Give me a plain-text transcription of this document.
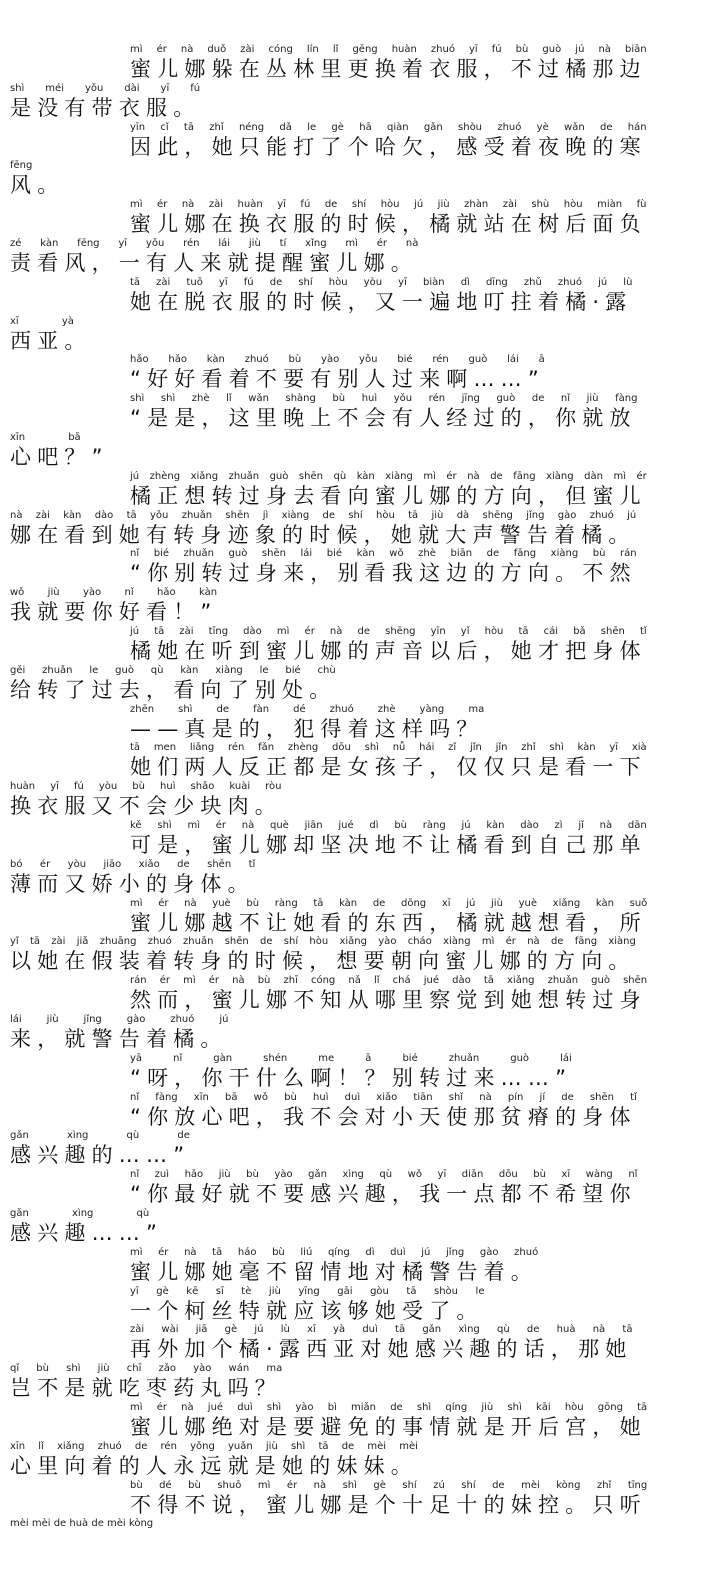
mì ér nà duǒ zài cóng lín lǐ gēng huàn zhuó yī fú bù guò jú nà biān
蜜儿娜躲在丛林里更换着衣服，不过橘那边
shì méi yǒu dài yī fú
是没有带衣服。
yīn cǐ tā zhǐ néng dǎ le gè hā qiàn gǎn shòu zhuó yè wǎn de hán
因此，她只能打了个哈欠，感受着夜晚的寒
fēng
风。
mì ér nà zài huàn yī fú de shí hòu jú jiù zhàn zài shù hòu miàn fù
蜜儿娜在换衣服的时候，橘就站在树后面负
zé kàn fēng yī yǒu rén lái jiù tí xǐng mì ér nà
责看风，一有人来就提醒蜜儿娜。
tā zài tuō yī fú de shí hòu yòu yī biàn dì dīng zhǔ zhuó jú lù
她在脱衣服的时候，又一遍地叮拄着橘·露
xī yà
西亚。
hǎo hǎo kàn zhuó bù yào yǒu bié rén guò lái ā
“好好看着不要有别人过来啊……”
shì shì zhè lǐ wǎn shàng bù huì yǒu rén jīng guò de nǐ jiù fàng
“是是，这里晚上不会有人经过的，你就放
xīn bā
心吧？”
jú zhèng xiǎng zhuǎn guò shēn qù kàn xiàng mì ér nà de fāng xiàng dàn mì ér
橘正想转过身去看向蜜儿娜的方向，但蜜儿
nà zài kàn dào tā yǒu zhuǎn shēn jì xiàng de shí hòu tā jiù dà shēng jǐng gào zhuó jú
娜在看到她有转身迹象的时候，她就大声警告着橘。
nǐ bié zhuǎn guò shēn lái bié kàn wǒ zhè biān de fāng xiàng bù rán
“你别转过身来，别看我这边的方向。不然
wǒ jiù yào nǐ hǎo kàn
我就要你好看！”
jú tā zài tīng dào mì ér nà de shēng yīn yǐ hòu tā cái bǎ shēn tǐ
橘她在听到蜜儿娜的声音以后，她才把身体
gěi zhuǎn le guò qù kàn xiàng le bié chù
给转了过去，看向了别处。
zhēn shì de fàn dé zhuó zhè yàng ma
——真是的，犯得着这样吗？
tā men liǎng rén fǎn zhèng dōu shì nǚ hái zǐ jǐn jǐn zhǐ shì kàn yī xià
她们两人反正都是女孩子，仅仅只是看一下
huàn yī fú yòu bù huì shǎo kuài ròu
换衣服又不会少块肉。
kě shì mì ér nà què jiān jué dì bù ràng jú kàn dào zì jǐ nà dān
可是，蜜儿娜却坚决地不让橘看到自己那单
bó ér yòu jiāo xiǎo de shēn tǐ
薄而又娇小的身体。
mì ér nà yuè bù ràng tā kàn de dōng xī jú jiù yuè xiǎng kàn suǒ
蜜儿娜越不让她看的东西，橘就越想看，所
yǐ tā zài jiǎ zhuāng zhuó zhuǎn shēn de shí hòu xiǎng yào cháo xiàng mì ér nà de fāng xiàng
以她在假装着转身的时候，想要朝向蜜儿娜的方向。
rán ér mì ér nà bù zhī cóng nǎ lǐ chá jué dào tā xiǎng zhuǎn guò shēn
然而，蜜儿娜不知从哪里察觉到她想转过身
lái jiù jǐng gào zhuó jú
来，就警告着橘。
yā nǐ gàn shén me ā bié zhuǎn guò lái
“呀，你干什么啊！？别转过来……”
nǐ fàng xīn bā wǒ bù huì duì xiǎo tiān shǐ nà pín jí de shēn tǐ
“你放心吧，我不会对小天使那贫瘠的身体
gǎn xìng qù de
感兴趣的……”
nǐ zuì hǎo jiù bù yào gǎn xìng qù wǒ yī diǎn dōu bù xī wàng nǐ
“你最好就不要感兴趣，我一点都不希望你
gǎn xìng qù
感兴趣……”
mì ér nà tā háo bù liú qíng dì duì jú jǐng gào zhuó
蜜儿娜她毫不留情地对橘警告着。
yī gè kē sī tè jiù yīng gāi gòu tā shòu le
一个柯丝特就应该够她受了。
zài wài jiā gè jú lù xī yà duì tā gǎn xìng qù de huà nà tā
再外加个橘·露西亚对她感兴趣的话，那她
qǐ bù shì jiù chī zǎo yào wán ma
岂不是就吃枣药丸吗？
mì ér nà jué duì shì yào bì miǎn de shì qíng jiù shì kāi hòu gōng tā
蜜儿娜绝对是要避免的事情就是开后宫，她
xīn lǐ xiǎng zhuó de rén yǒng yuǎn jiù shì tā de mèi mèi
心里向着的人永远就是她的妹妹。
bù dé bù shuō mì ér nà shì gè shí zú shí de mèi kòng zhǐ tīng
不得不说，蜜儿娜是个十足十的妹控。只听
mèi mèi de huà de mèi kòng
